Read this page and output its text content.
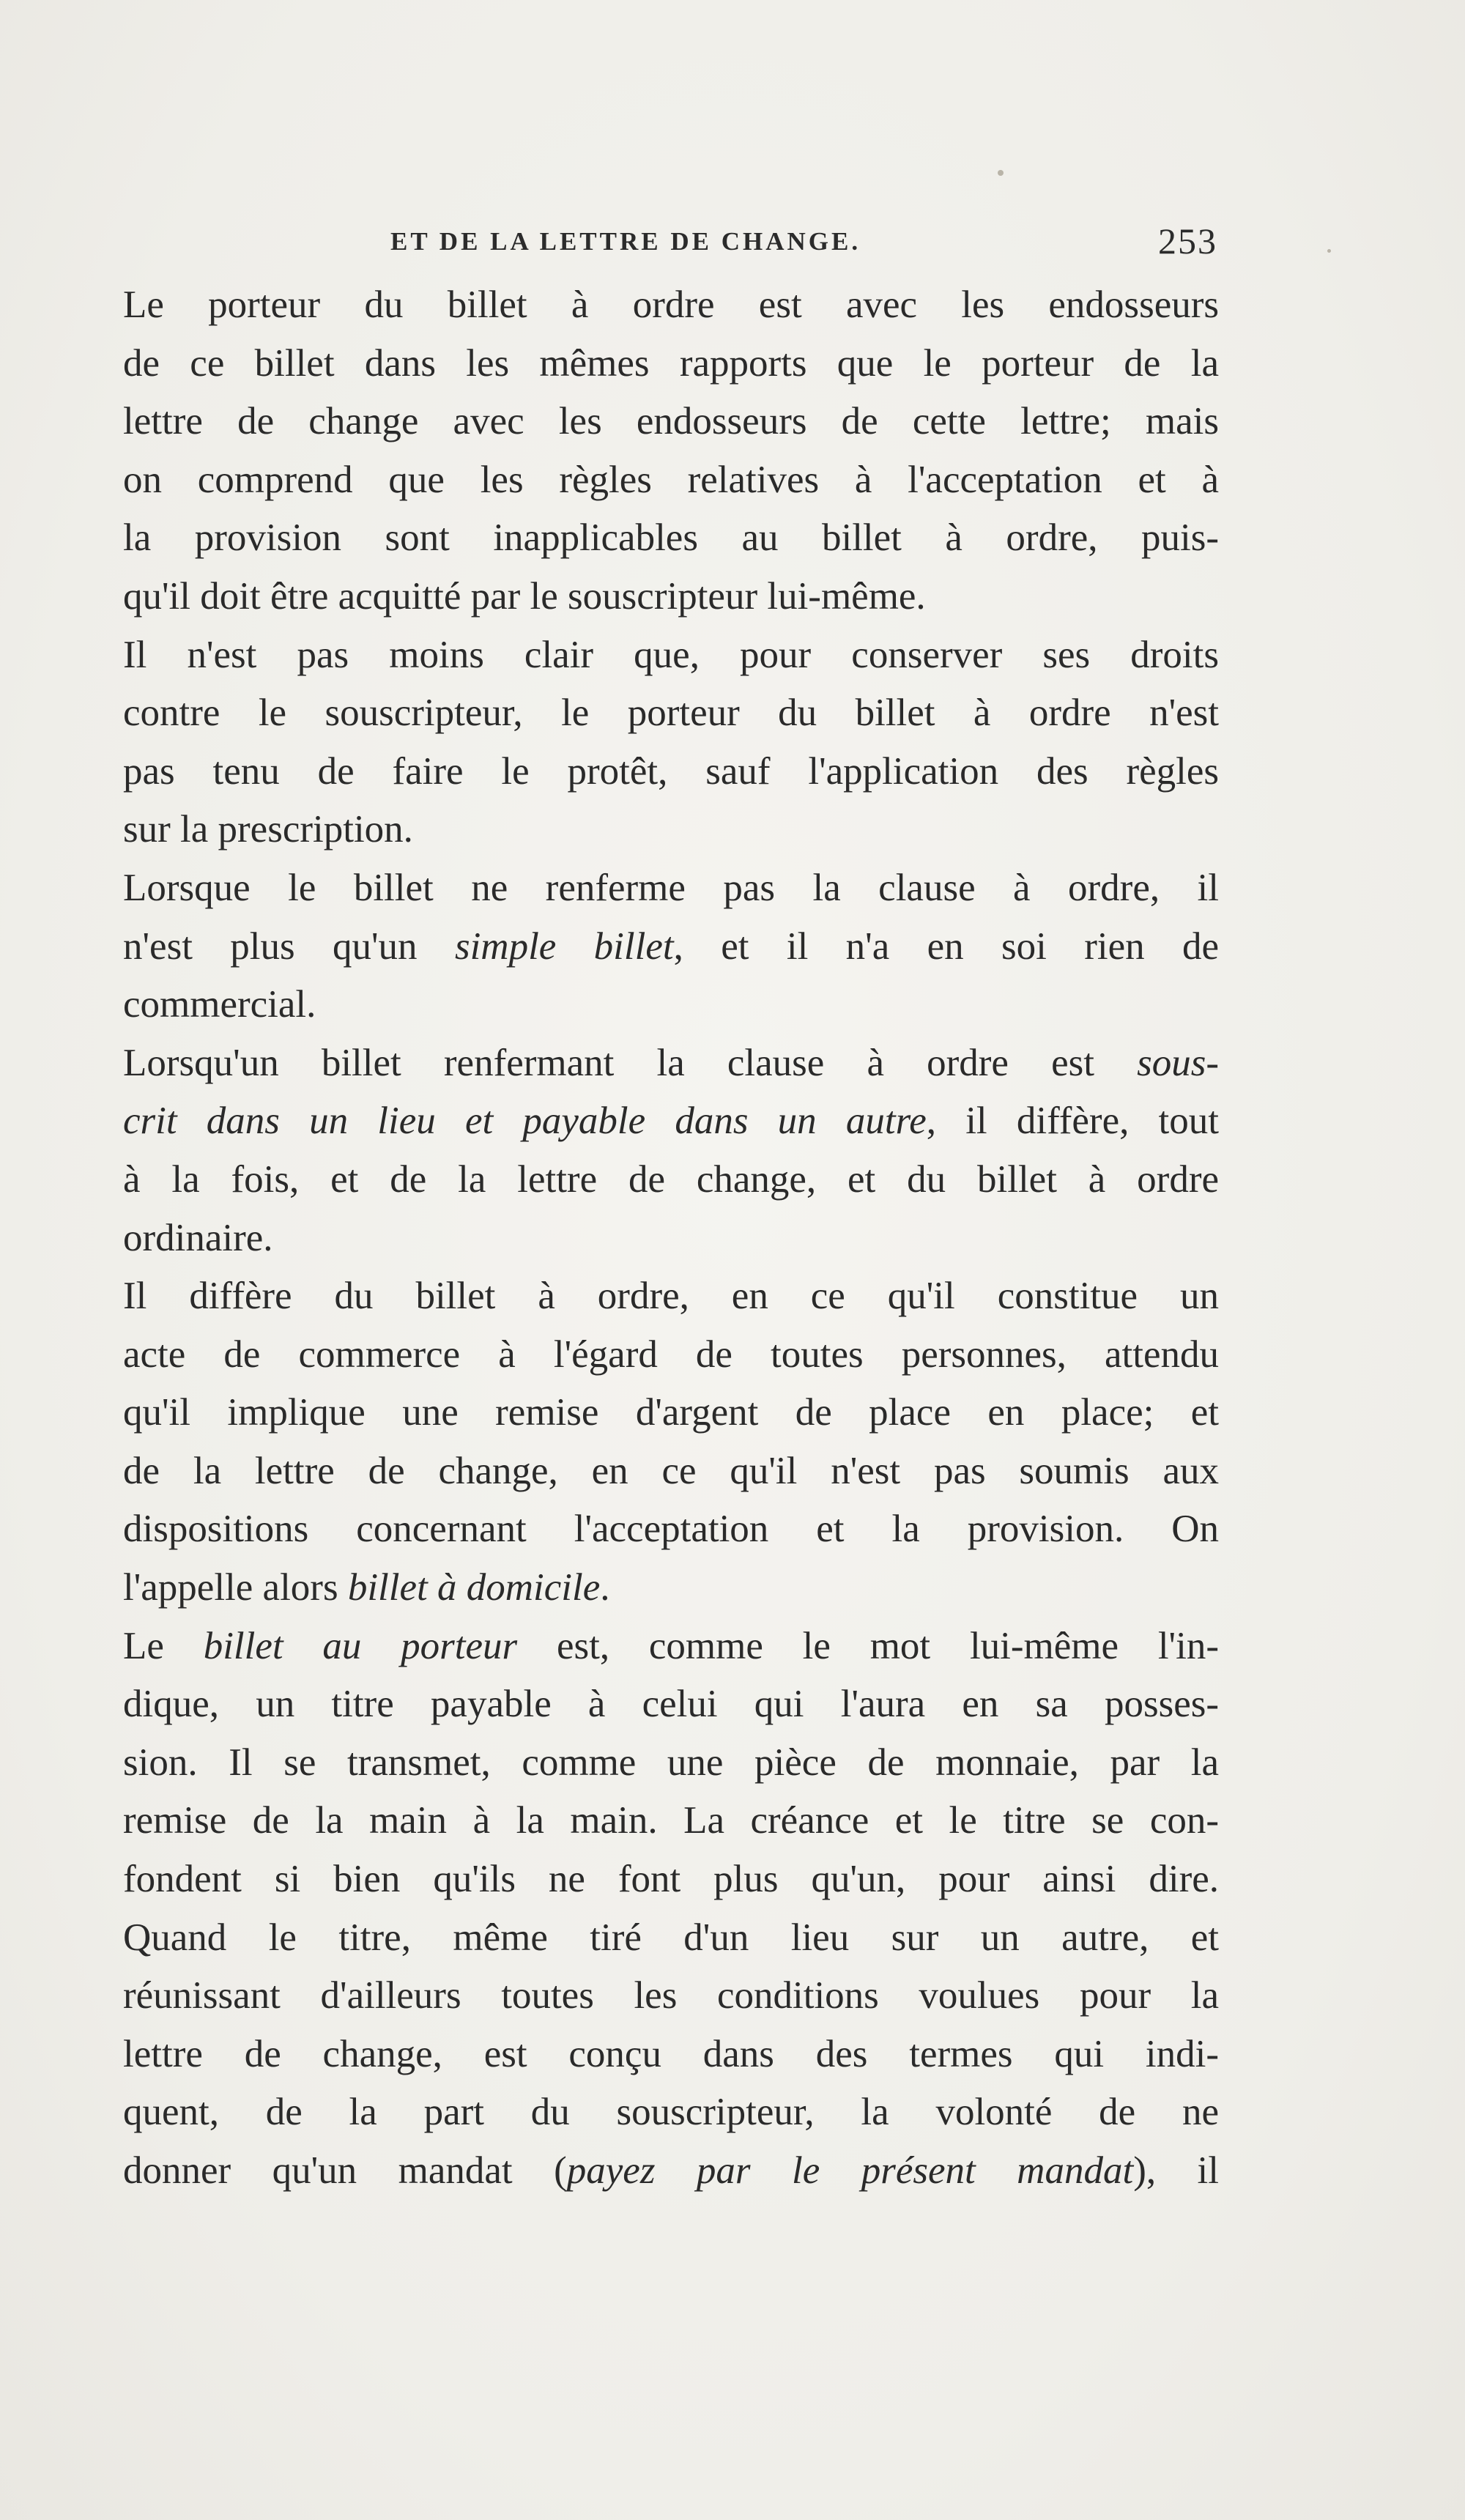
ET DE LA LETTRE DE CHANGE.	253
Le porteur du billet à ordre est avec les endosseurs
de ce billet dans les mêmes rapports que le porteur de la
lettre de change avec les endosseurs de cette lettre; mais
on comprend que les règles relatives à l'acceptation et à
la provision sont inapplicables au billet à ordre, puis-
qu'il doit être acquitté par le souscripteur lui-même.
Il n'est pas moins clair que, pour conserver ses droits
contre le souscripteur, le porteur du billet à ordre n'est
pas tenu de faire le protêt, sauf l'application des règles
sur la prescription.
Lorsque le billet ne renferme pas la clause à ordre, il
n'est plus qu'un simple billet, et il n'a en soi rien de
commercial.
Lorsqu'un billet renfermant la clause à ordre est sous-
crit dans un lieu et payable dans un autre, il diffère, tout
à la fois, et de la lettre de change, et du billet à ordre
ordinaire.
Il diffère du billet à ordre, en ce qu'il constitue un
acte de commerce à l'égard de toutes personnes, attendu
qu'il implique une remise d'argent de place en place; et
de la lettre de change, en ce qu'il n'est pas soumis aux
dispositions concernant l'acceptation et la provision. On
l'appelle alors billet à domicile.
Le billet au porteur est, comme le mot lui-même l'in-
dique, un titre payable à celui qui l'aura en sa posses-
sion. Il se transmet, comme une pièce de monnaie, par la
remise de la main à la main. La créance et le titre se con-
fondent si bien qu'ils ne font plus qu'un, pour ainsi dire.
Quand le titre, même tiré d'un lieu sur un autre, et
réunissant d'ailleurs toutes les conditions voulues pour la
lettre de change, est conçu dans des termes qui indi-
quent, de la part du souscripteur, la volonté de ne
donner qu'un mandat (payez par le présent mandat), il
